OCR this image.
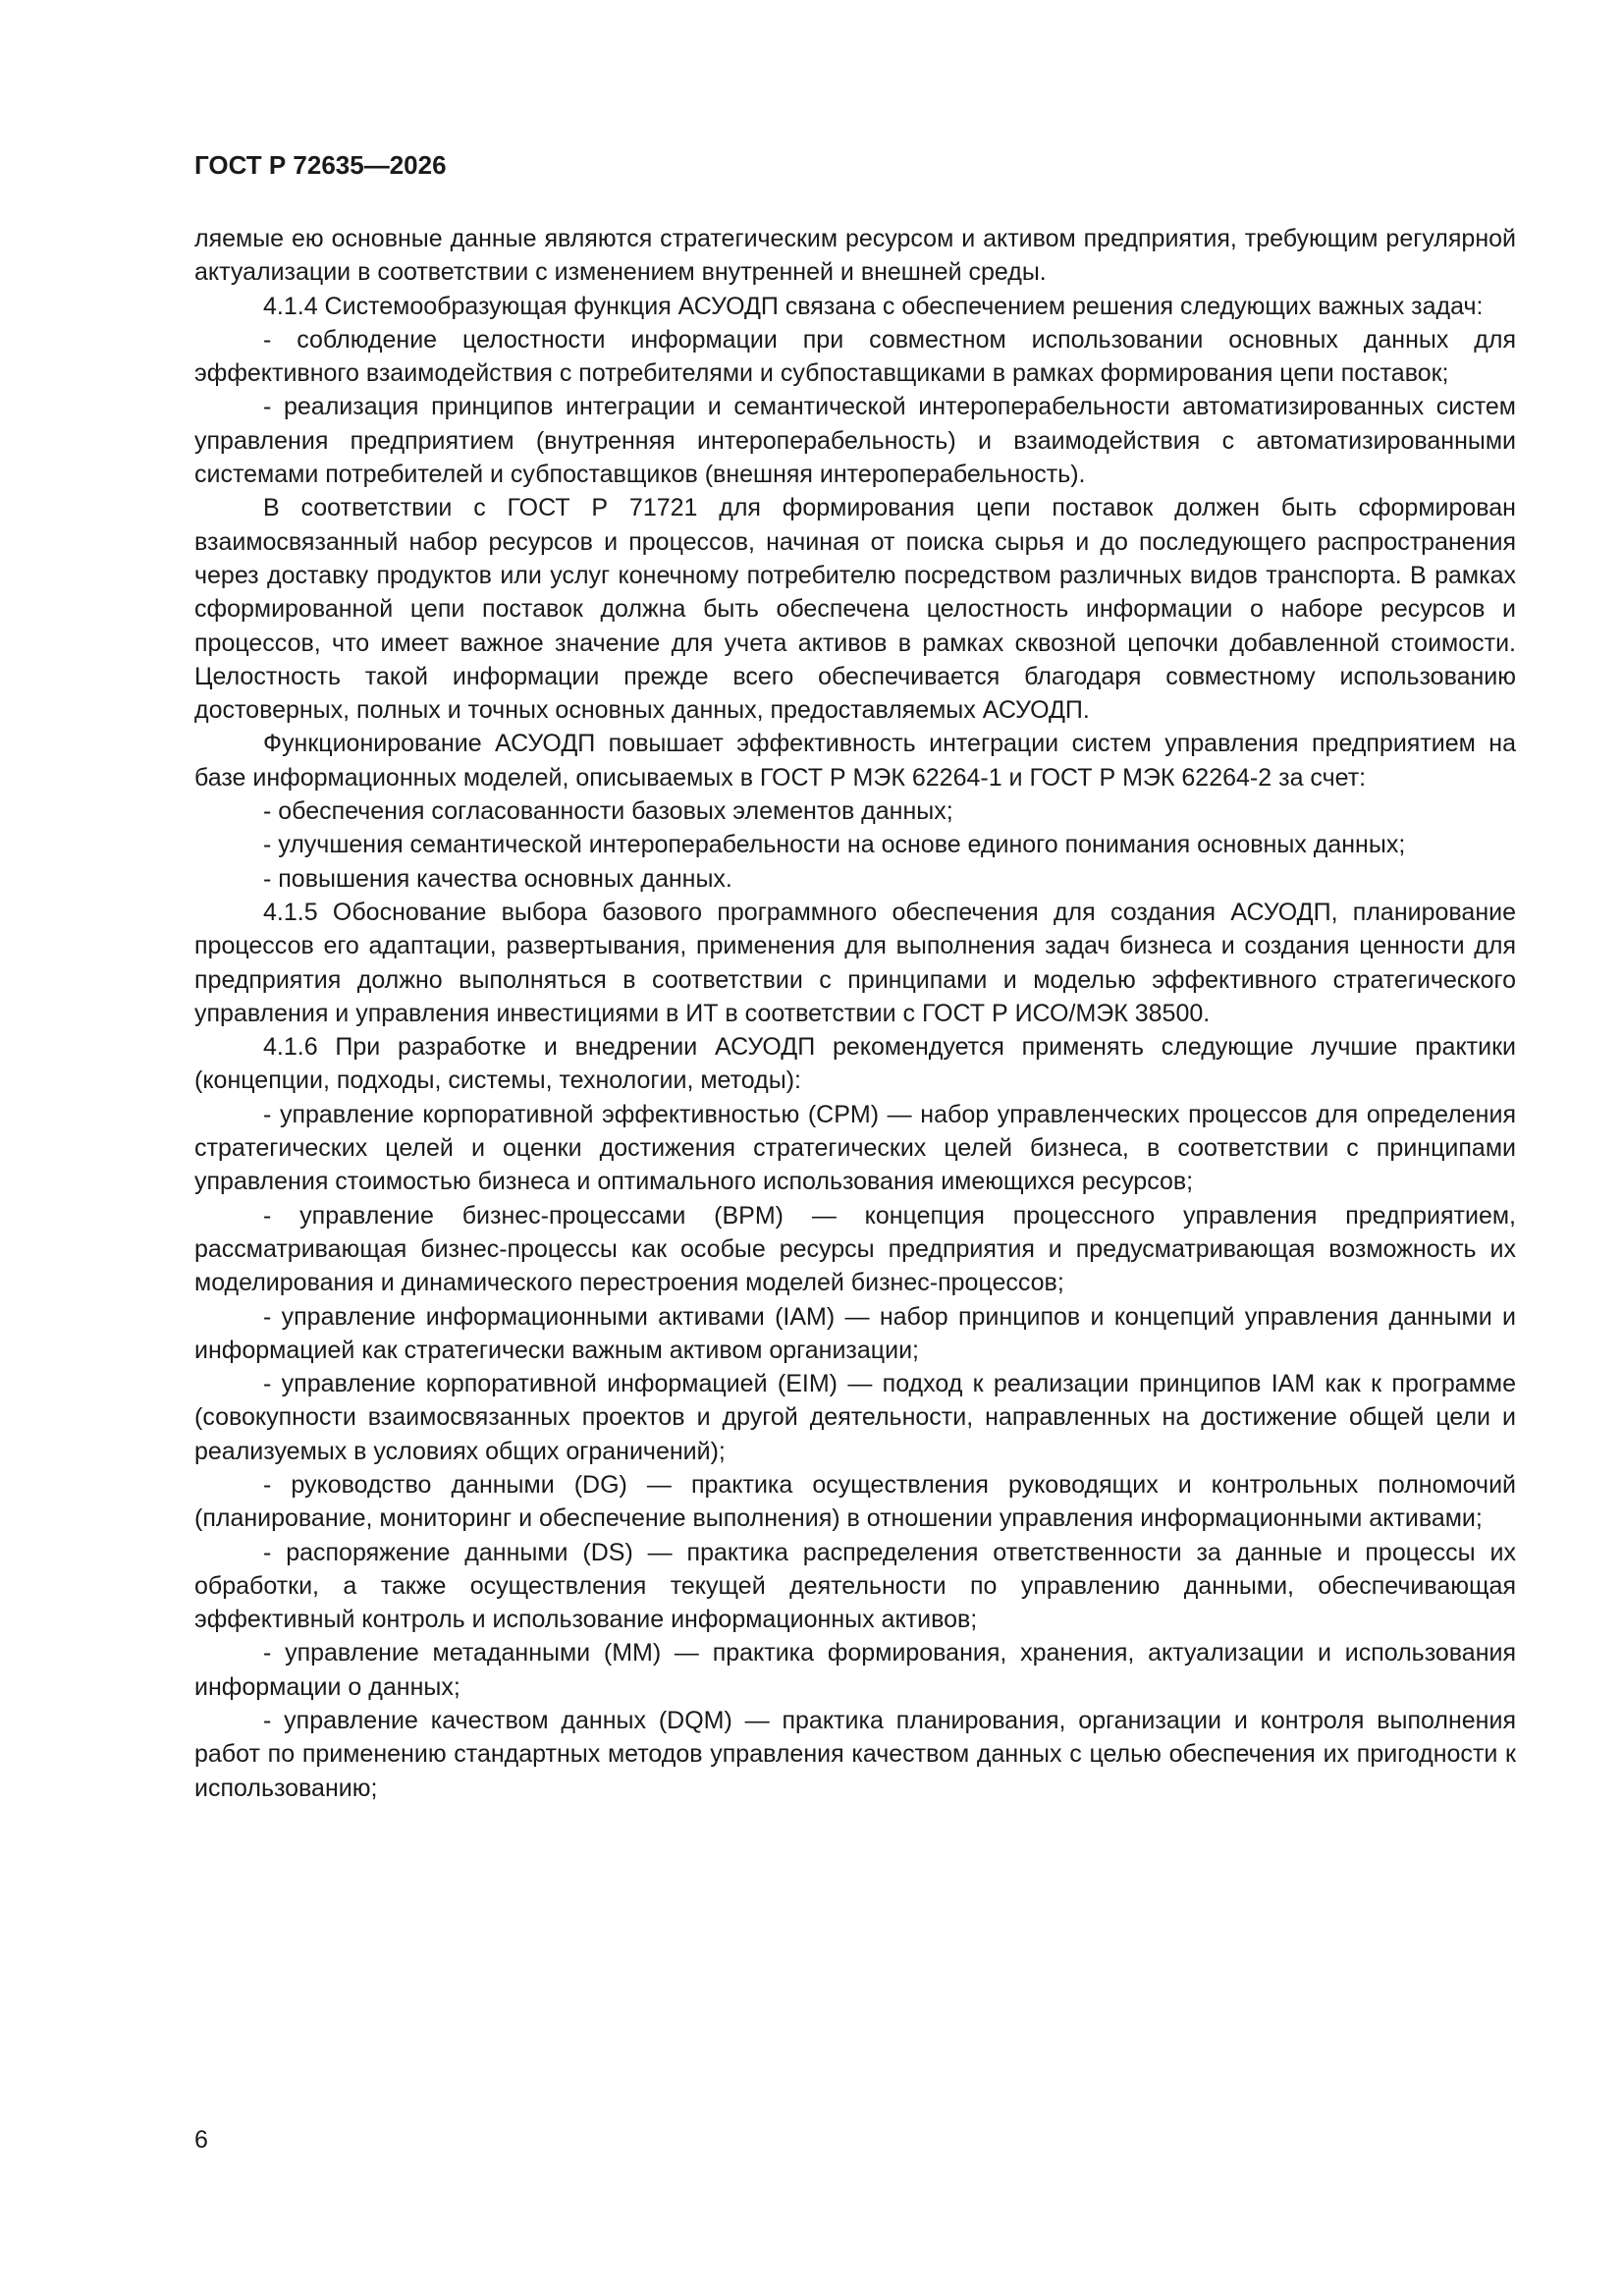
ГОСТ Р 72635—2026

ляемые ею основные данные являются стратегическим ресурсом и активом предприятия, требующим регулярной актуализации в соответствии с изменением внутренней и внешней среды.

4.1.4 Системообразующая функция АСУОДП связана с обеспечением решения следующих важных задач:

- соблюдение целостности информации при совместном использовании основных данных для эффективного взаимодействия с потребителями и субпоставщиками в рамках формирования цепи поставок;

- реализация принципов интеграции и семантической интероперабельности автоматизированных систем управления предприятием (внутренняя интероперабельность) и взаимодействия с автоматизированными системами потребителей и субпоставщиков (внешняя интероперабельность).

В соответствии с ГОСТ Р 71721 для формирования цепи поставок должен быть сформирован взаимосвязанный набор ресурсов и процессов, начиная от поиска сырья и до последующего распространения через доставку продуктов или услуг конечному потребителю посредством различных видов транспорта. В рамках сформированной цепи поставок должна быть обеспечена целостность информации о наборе ресурсов и процессов, что имеет важное значение для учета активов в рамках сквозной цепочки добавленной стоимости. Целостность такой информации прежде всего обеспечивается благодаря совместному использованию достоверных, полных и точных основных данных, предоставляемых АСУОДП.

Функционирование АСУОДП повышает эффективность интеграции систем управления предприятием на базе информационных моделей, описываемых в ГОСТ Р МЭК 62264-1 и ГОСТ Р МЭК 62264-2 за счет:

- обеспечения согласованности базовых элементов данных;

- улучшения семантической интероперабельности на основе единого понимания основных данных;

- повышения качества основных данных.

4.1.5 Обоснование выбора базового программного обеспечения для создания АСУОДП, планирование процессов его адаптации, развертывания, применения для выполнения задач бизнеса и создания ценности для предприятия должно выполняться в соответствии с принципами и моделью эффективного стратегического управления и управления инвестициями в ИТ в соответствии с ГОСТ Р ИСО/МЭК 38500.

4.1.6 При разработке и внедрении АСУОДП рекомендуется применять следующие лучшие практики (концепции, подходы, системы, технологии, методы):

- управление корпоративной эффективностью (CPM) — набор управленческих процессов для определения стратегических целей и оценки достижения стратегических целей бизнеса, в соответствии с принципами управления стоимостью бизнеса и оптимального использования имеющихся ресурсов;

- управление бизнес-процессами (BPM) — концепция процессного управления предприятием, рассматривающая бизнес-процессы как особые ресурсы предприятия и предусматривающая возможность их моделирования и динамического перестроения моделей бизнес-процессов;

- управление информационными активами (IAM) — набор принципов и концепций управления данными и информацией как стратегически важным активом организации;

- управление корпоративной информацией (EIM) — подход к реализации принципов IAM как к программе (совокупности взаимосвязанных проектов и другой деятельности, направленных на достижение общей цели и реализуемых в условиях общих ограничений);

- руководство данными (DG) — практика осуществления руководящих и контрольных полномочий (планирование, мониторинг и обеспечение выполнения) в отношении управления информационными активами;

- распоряжение данными (DS) — практика распределения ответственности за данные и процессы их обработки, а также осуществления текущей деятельности по управлению данными, обеспечивающая эффективный контроль и использование информационных активов;

- управление метаданными (MM) — практика формирования, хранения, актуализации и использования информации о данных;

- управление качеством данных (DQM) — практика планирования, организации и контроля выполнения работ по применению стандартных методов управления качеством данных с целью обеспечения их пригодности к использованию;

6
